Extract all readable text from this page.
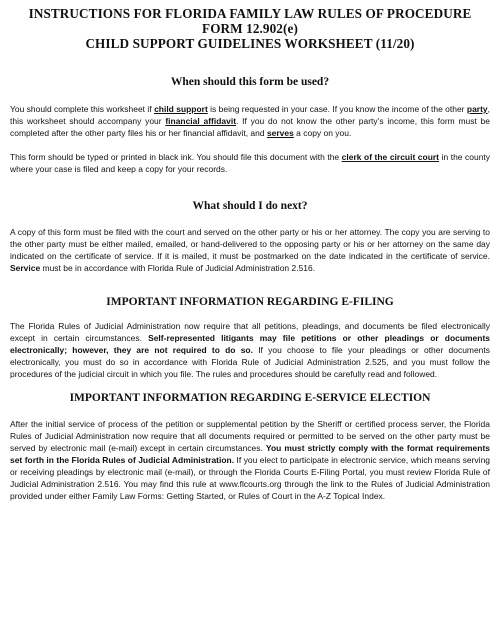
INSTRUCTIONS FOR FLORIDA FAMILY LAW RULES OF PROCEDURE
FORM 12.902(e)
CHILD SUPPORT GUIDELINES WORKSHEET (11/20)
When should this form be used?

You should complete this worksheet if child support is being requested in your case. If you know the income of the other party, this worksheet should accompany your financial affidavit. If you do not know the other party’s income, this form must be completed after the other party files his or her financial affidavit, and serves a copy on you.

This form should be typed or printed in black ink. You should file this document with the clerk of the circuit court in the county where your case is filed and keep a copy for your records.

What should I do next?

A copy of this form must be filed with the court and served on the other party or his or her attorney. The copy you are serving to the other party must be either mailed, emailed, or hand-delivered to the opposing party or his or her attorney on the same day indicated on the certificate of service. If it is mailed, it must be postmarked on the date indicated in the certificate of service. Service must be in accordance with Florida Rule of Judicial Administration 2.516.

IMPORTANT INFORMATION REGARDING E-FILING

The Florida Rules of Judicial Administration now require that all petitions, pleadings, and documents be filed electronically except in certain circumstances. Self-represented litigants may file petitions or other pleadings or documents electronically; however, they are not required to do so. If you choose to file your pleadings or other documents electronically, you must do so in accordance with Florida Rule of Judicial Administration 2.525, and you must follow the procedures of the judicial circuit in which you file. The rules and procedures should be carefully read and followed.

IMPORTANT INFORMATION REGARDING E-SERVICE ELECTION

After the initial service of process of the petition or supplemental petition by the Sheriff or certified process server, the Florida Rules of Judicial Administration now require that all documents required or permitted to be served on the other party must be served by electronic mail (e-mail) except in certain circumstances. You must strictly comply with the format requirements set forth in the Florida Rules of Judicial Administration. If you elect to participate in electronic service, which means serving or receiving pleadings by electronic mail (e-mail), or through the Florida Courts E-Filing Portal, you must review Florida Rule of Judicial Administration 2.516. You may find this rule at www.flcourts.org through the link to the Rules of Judicial Administration provided under either Family Law Forms: Getting Started, or Rules of Court in the A-Z Topical Index.
